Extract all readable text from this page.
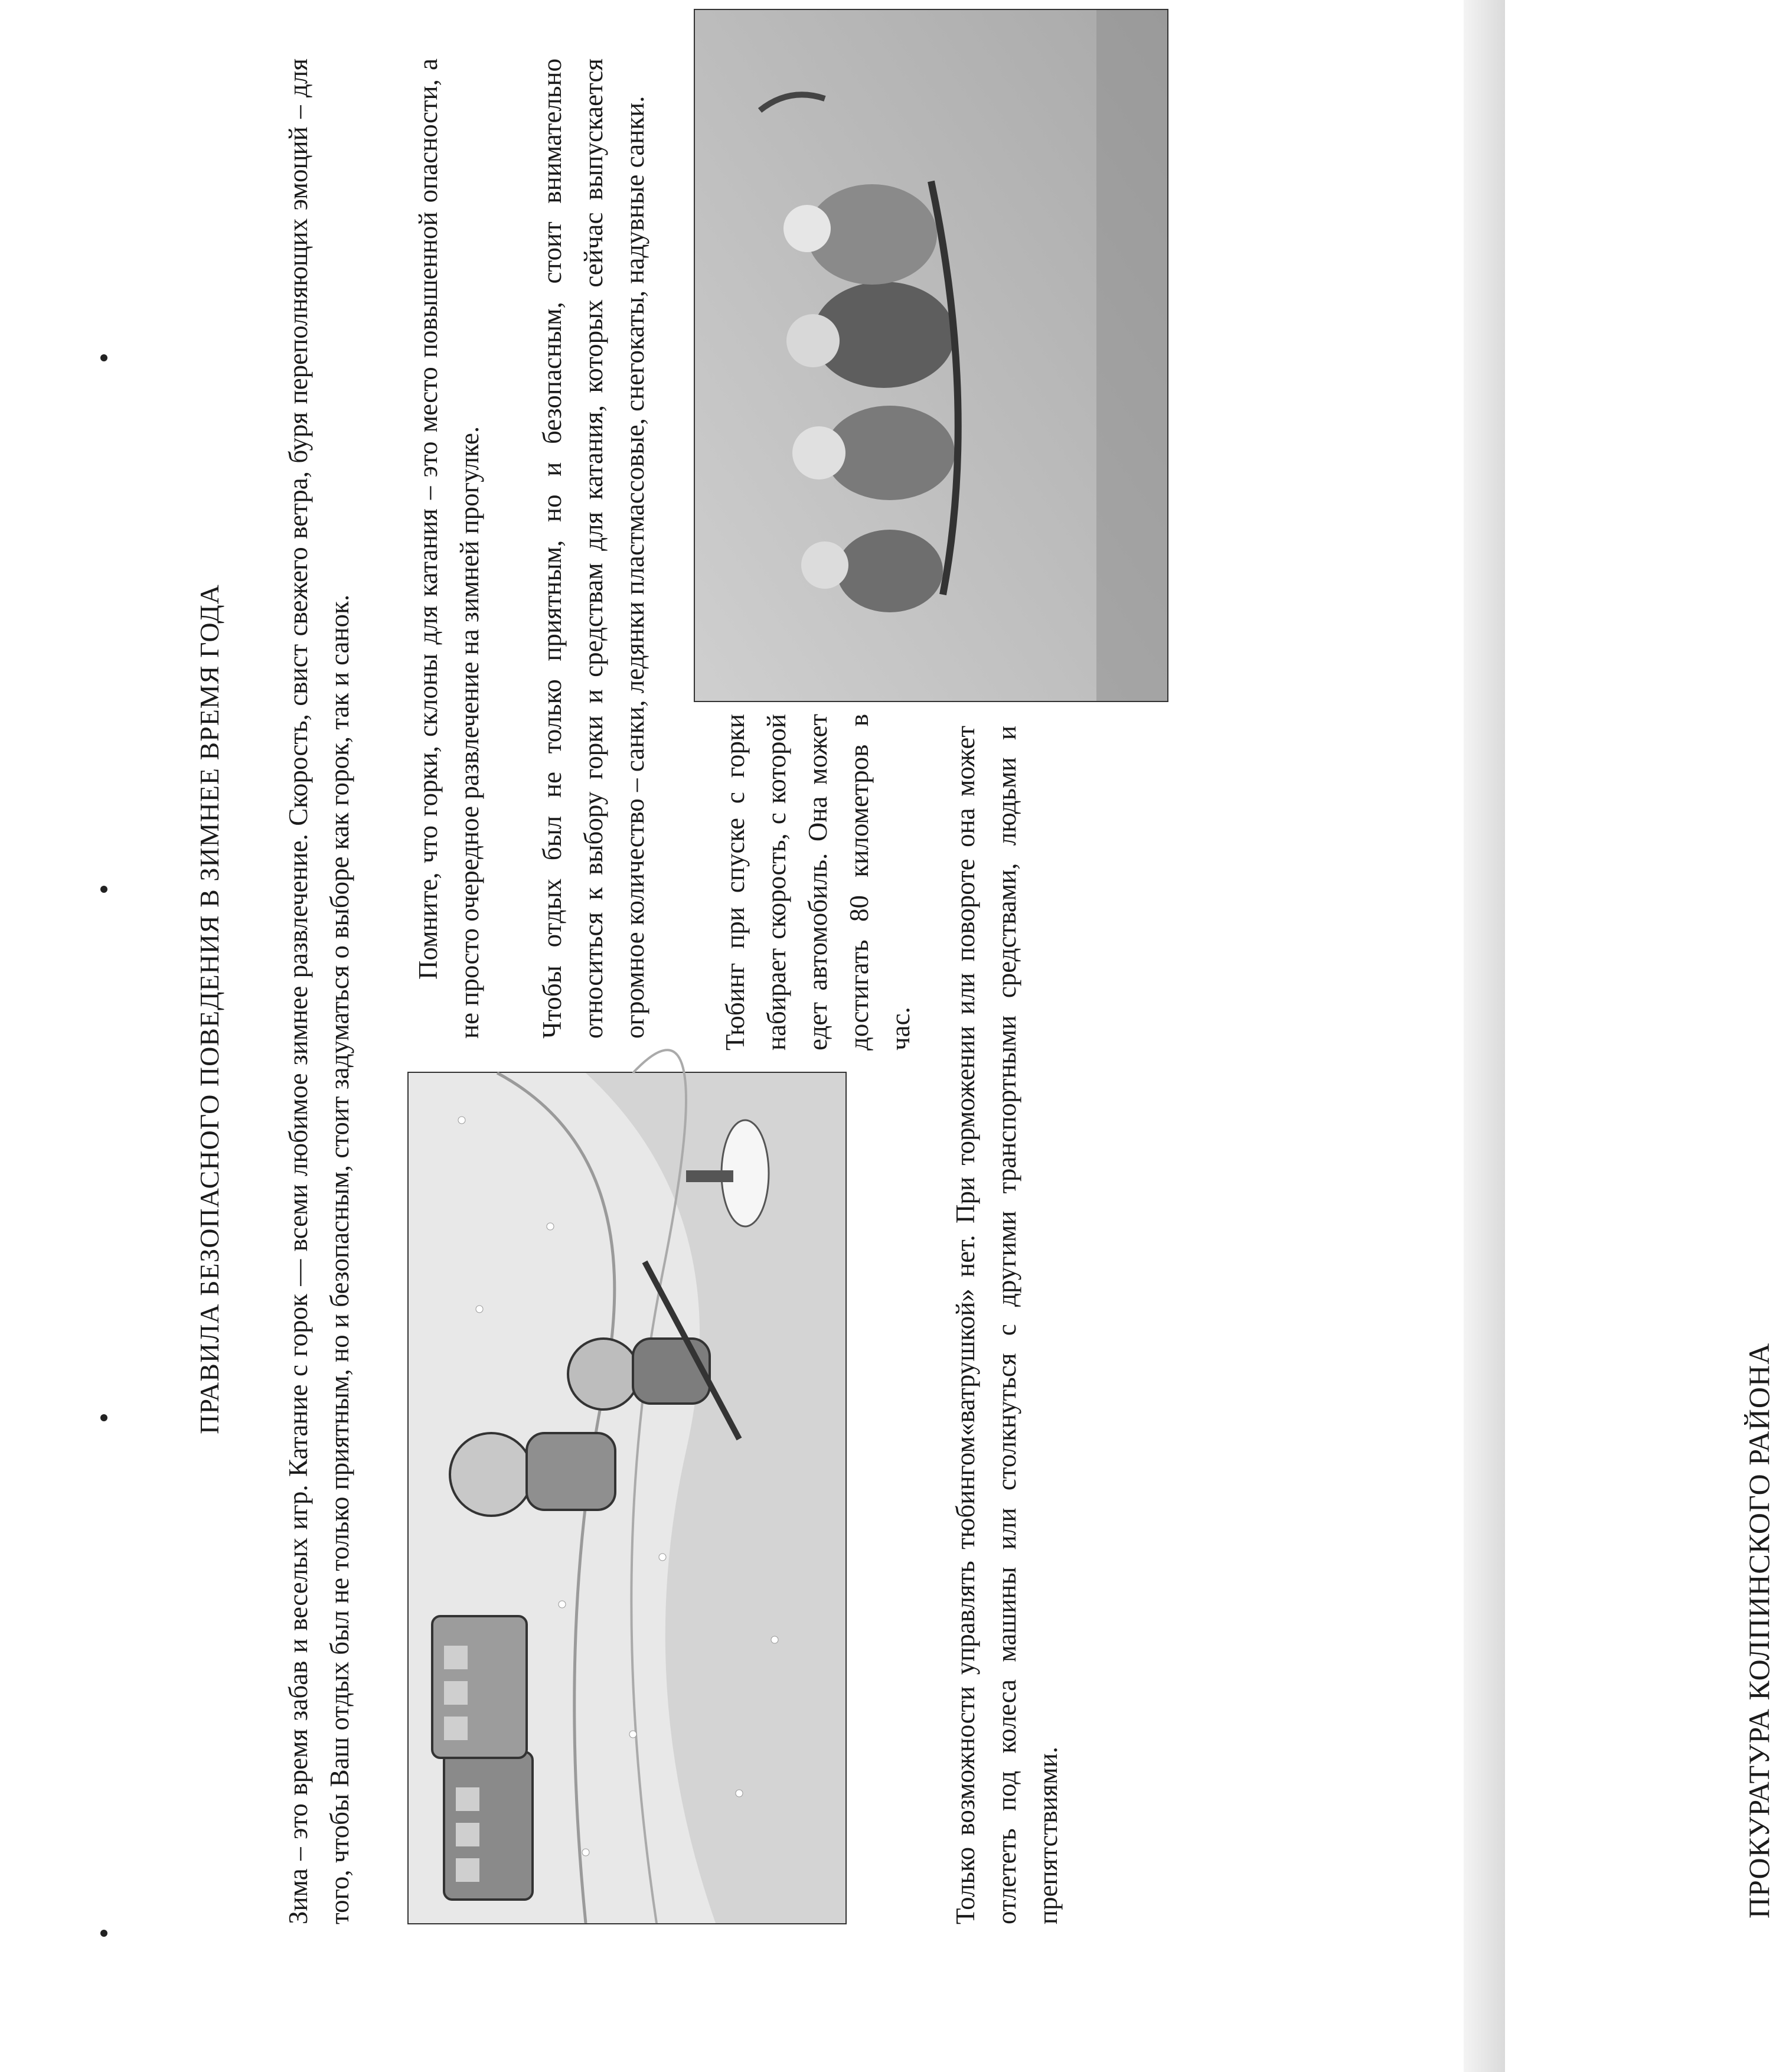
ПРАВИЛА БЕЗОПАСНОГО ПОВЕДЕНИЯ В ЗИМНЕЕ ВРЕМЯ ГОДА Зима – это время забав и веселых игр. Катание с горок — всеми любимое зимнее развлечение. Скорость, свист свежего ветра, буря переполняющих эмоций – для того, чтобы Ваш отдых был не только приятным, но и безопасным, стоит задуматься о выборе как горок, так и санок.

Помните, что горки, склоны для катания – это место повышенной опасности, а не просто очередное развлечение на зимней прогулке. Чтобы отдых был не только приятным, но и безопасным, стоит внимательно относиться к выбору горки и средствам для катания, которых сейчас выпускается огромное количество – санки, ледянки пластмассовые, снегокаты, надувные санки.	Тюбинг при спуске с горки набирает скорость, с которой едет автомобиль. Она может достигать 80 километров в час. Только возможности управлять тюбингом«ватрушкой» нет. При торможении или повороте она может отлететь под колеса машины или столкнуться с другими транспортными средствами, людьми и препятствиями.	ПРОКУРАТУРА КОЛПИНСКОГО РАЙОНА
